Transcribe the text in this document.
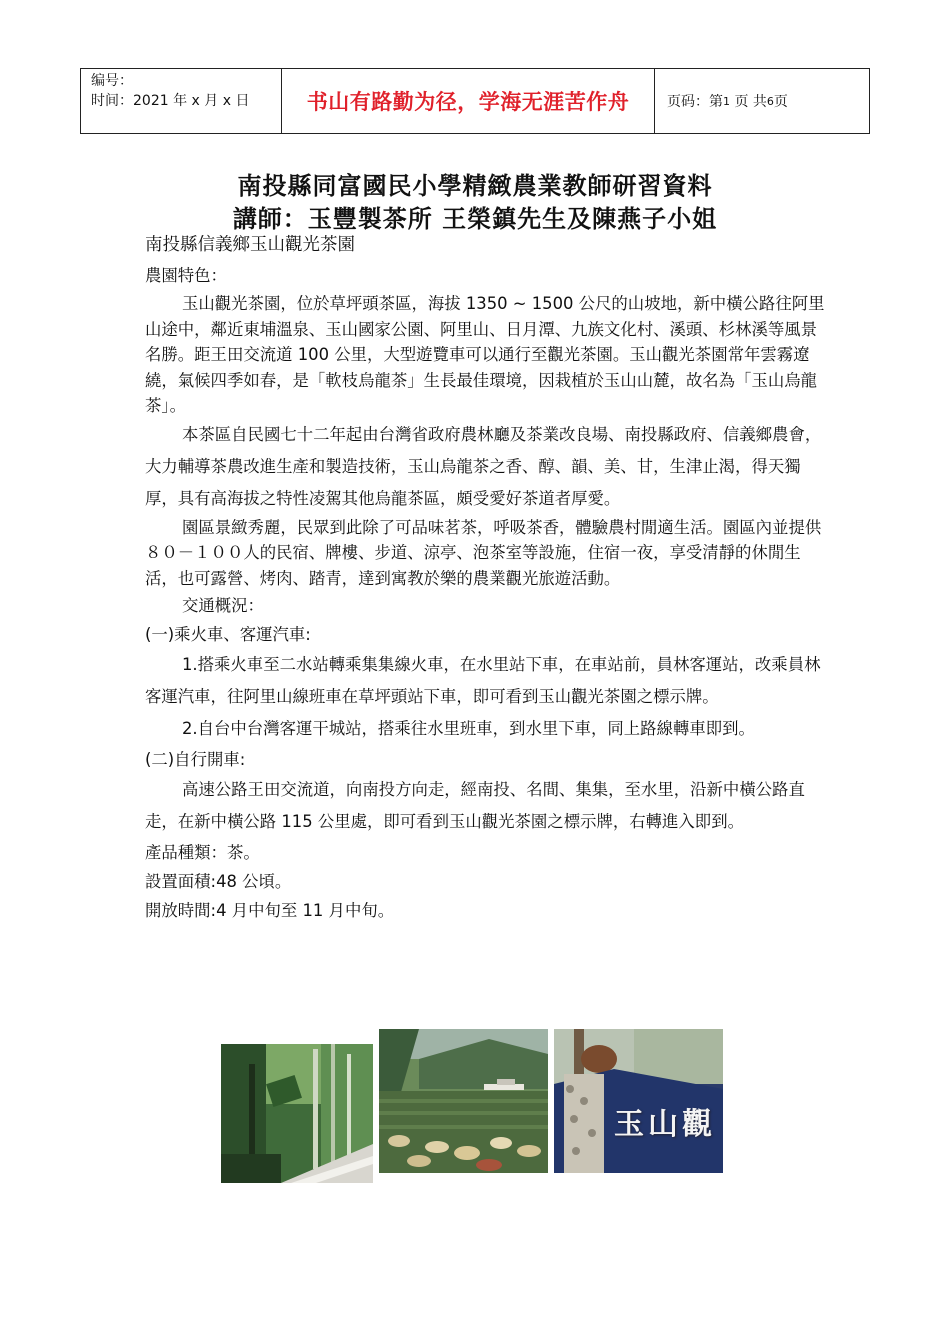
编号：
时间：2021 年 x 月 x 日	书山有路勤为径，学海无涯苦作舟	页码：第 1
页 共 6 页
南投縣同富國民小學精緻農業教師研習資料
講師：玉豐製茶所 王榮鎮先生及陳燕子小姐

南投縣信義鄉玉山觀光茶園

農園特色：

玉山觀光茶園，位於草坪頭茶區，海拔 1350 ~ 1500 公尺的山坡地，新中橫公路往阿里山途中，鄰近東埔溫泉、玉山國家公園、阿里山、日月潭、九族文化村、溪頭、杉林溪等風景名勝。距王田交流道 100 公里，大型遊覽車可以通行至觀光茶園。玉山觀光茶園常年雲霧遼繞，氣候四季如春，是「軟枝烏龍茶」生長最佳環境，因栽植於玉山山麓，故名為「玉山烏龍茶」。

本茶區自民國七十二年起由台灣省政府農林廳及茶業改良場、南投縣政府、信義鄉農會，大力輔導茶農改進生產和製造技術，玉山烏龍茶之香、醇、韻、美、甘，生津止渴，得天獨厚，具有高海拔之特性凌駕其他烏龍茶區，頗受愛好茶道者厚愛。

園區景緻秀麗，民眾到此除了可品味茗茶，呼吸茶香，體驗農村閒適生活。園區內並提供８０－１００人的民宿、牌樓、步道、涼亭、泡茶室等設施，住宿一夜，享受清靜的休閒生活，也可露營、烤肉、踏青，達到寓教於樂的農業觀光旅遊活動。

交通概況：

(一)乘火車、客運汽車:

1.搭乘火車至二水站轉乘集集線火車，在水里站下車，在車站前，員林客運站，改乘員林客運汽車，往阿里山線班車在草坪頭站下車，即可看到玉山觀光茶園之標示牌。

2.自台中台灣客運干城站，搭乘往水里班車，到水里下車，同上路線轉車即到。

(二)自行開車:

高速公路王田交流道，向南投方向走，經南投、名間、集集，至水里，沿新中橫公路直走，在新中橫公路 115 公里處，即可看到玉山觀光茶園之標示牌，右轉進入即到。

產品種類：茶。

設置面積:48 公頃。

開放時間:4 月中旬至 11 月中旬。

玉山觀
